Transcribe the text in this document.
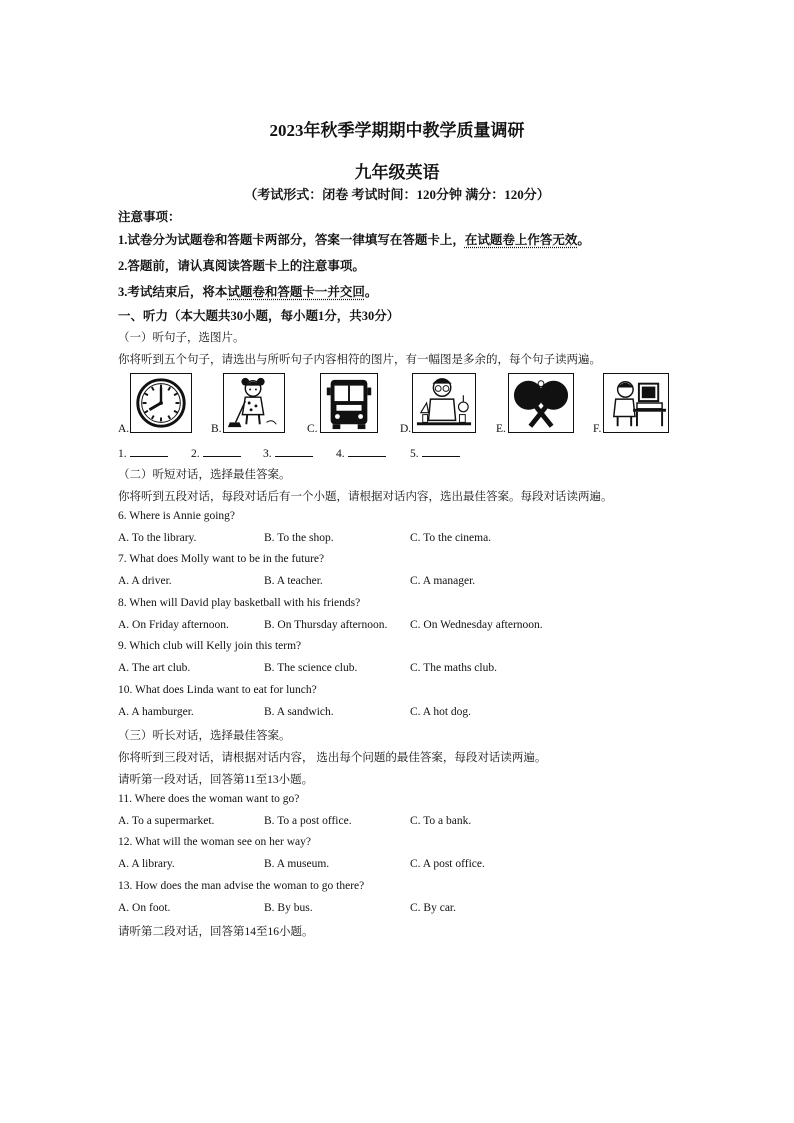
2023年秋季学期期中教学质量调研
九年级英语
（考试形式：闭卷 考试时间：120分钟 满分：120分）
注意事项：
1.试卷分为试题卷和答题卡两部分，答案一律填写在答题卡上，在试题卷上作答无效。
2.答题前，请认真阅读答题卡上的注意事项。
3.考试结束后，将本试题卷和答题卡一并交回。
一、听力（本大题共30小题，每小题1分，共30分）
（一）听句子，选图片。
你将听到五个句子，请选出与所听句子内容相符的图片，有一幅图是多余的，每个句子读两遍。
A.	B.	C.	D.	E.	F.
1.	2.	3.	4.	5.
（二）听短对话，选择最佳答案。
你将听到五段对话，每段对话后有一个小题，请根据对话内容，选出最佳答案。每段对话读两遍。
6. Where is Annie going?
A. To the library.	B. To the shop.	C. To the cinema.
7. What does Molly want to be in the future?
A. A driver.	B. A teacher.	C. A manager.
8. When will David play basketball with his friends?
A. On Friday afternoon.	B. On Thursday afternoon. C. On Wednesday afternoon.
9. Which club will Kelly join this term?
A. The art club.	B. The science club.	C. The maths club.
10. What does Linda want to eat for lunch?
A. A hamburger.	B. A sandwich.	C. A hot dog.
（三）听长对话，选择最佳答案。
你将听到三段对话，请根据对话内容， 选出每个问题的最佳答案，每段对话读两遍。
请听第一段对话，回答第11至13小题。
11. Where does the woman want to go?
A. To a supermarket.	B. To a post office.	C. To a bank.
12. What will the woman see on her way?
A. A library.	B. A museum.	C. A post office.
13. How does the man advise the woman to go there?
A. On foot.	B. By bus.	C. By car.
请听第二段对话，回答第14至16小题。
